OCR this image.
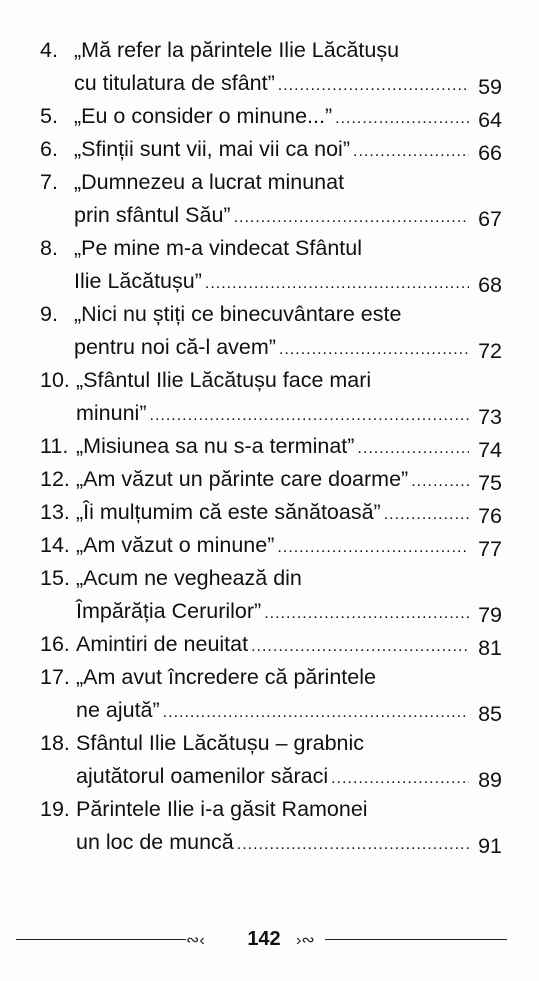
4. „Mă refer la părintele Ilie Lăcătușu
cu titulatura de sfânt” .....	59
5. „Eu o consider o minune...” .....	64
6. „Sfinții sunt vii, mai vii ca noi” .....	66
7. „Dumnezeu a lucrat minunat
prin sfântul Său” .....	67
8. „Pe mine m-a vindecat Sfântul
Ilie Lăcătușu” .....	68
9. „Nici nu știți ce binecuvântare este
pentru noi că-l avem” .....	72
10. „Sfântul Ilie Lăcătușu face mari
minuni” .....	73
11. „Misiunea sa nu s-a terminat” .....	74
12. „Am văzut un părinte care doarme” .....	75
13. „Îi mulțumim că este sănătoasă” .....	76
14. „Am văzut o minune” .....	77
15. „Acum ne veghează din
Împărăția Cerurilor” .....	79
16. Amintiri de neuitat .....	81
17. „Am avut încredere că părintele
ne ajută” .....	85
18. Sfântul Ilie Lăcătușu – grabnic
ajutătorul oamenilor săraci .....	89
19. Părintele Ilie i-a găsit Ramonei
un loc de muncă .....	91
∾‹	142 ›∾
